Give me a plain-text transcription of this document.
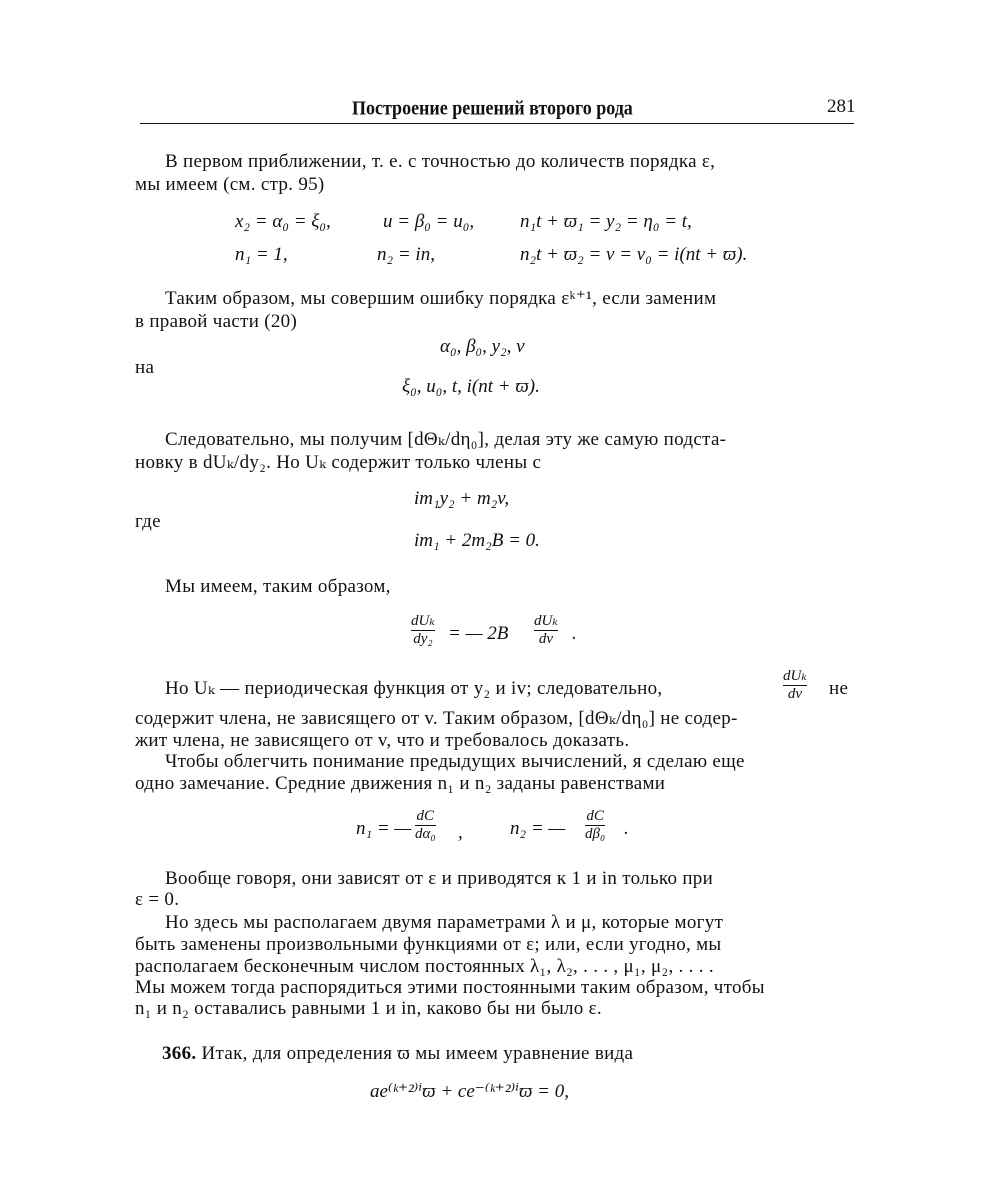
Построение решений второго рода	281
В первом приближении, т. е. с точностью до количеств порядка ε,
мы имеем (см. стр. 95)
x₂ = α₀ = ξ₀,	u = β₀ = u₀, n₁t + ϖ₁ = y₂ = η₀ = t,
n₁ = 1,	n₂ = in,	n₂t + ϖ₂ = v = v₀ = i(nt + ϖ).
Таким образом, мы совершим ошибку порядка εᵏ⁺¹, если заменим
в правой части (20)
α₀, β₀, y₂, v
на
ξ₀, u₀, t, i(nt + ϖ).
Следовательно, мы получим [dΘₖ/dη₀], делая эту же самую подста-
новку в dUₖ/dy₂. Но Uₖ содержит только члены с
im₁y₂ + m₂v,
где
im₁ + 2m₂B = 0.
Мы имеем, таким образом,
dUₖ
dy₂ = — 2B
dUₖ
dv .
Но Uₖ — периодическая функция от y₂ и iv; следовательно,
dUₖ
dv не
содержит члена, не зависящего от v. Таким образом, [dΘₖ/dη₀] не содер-
жит члена, не зависящего от v, что и требовалось доказать.
Чтобы облегчить понимание предыдущих вычислений, я сделаю еще
одно замечание. Средние движения n₁ и n₂ заданы равенствами
n₁ = —
dC
dα₀ , n₂ = —
dC
dβ₀ .
Вообще говоря, они зависят от ε и приводятся к 1 и in только при
ε = 0.
Но здесь мы располагаем двумя параметрами λ и μ, которые могут
быть заменены произвольными функциями от ε; или, если угодно, мы
располагаем бесконечным числом постоянных λ₁, λ₂, . . . , μ₁, μ₂, . . . .
Мы можем тогда распорядиться этими постоянными таким образом, чтобы
n₁ и n₂ оставались равными 1 и in, каково бы ни было ε.
366. Итак, для определения ϖ мы имеем уравнение вида
ae⁽ᵏ⁺²⁾ⁱϖ + ce⁻⁽ᵏ⁺²⁾ⁱϖ = 0,
